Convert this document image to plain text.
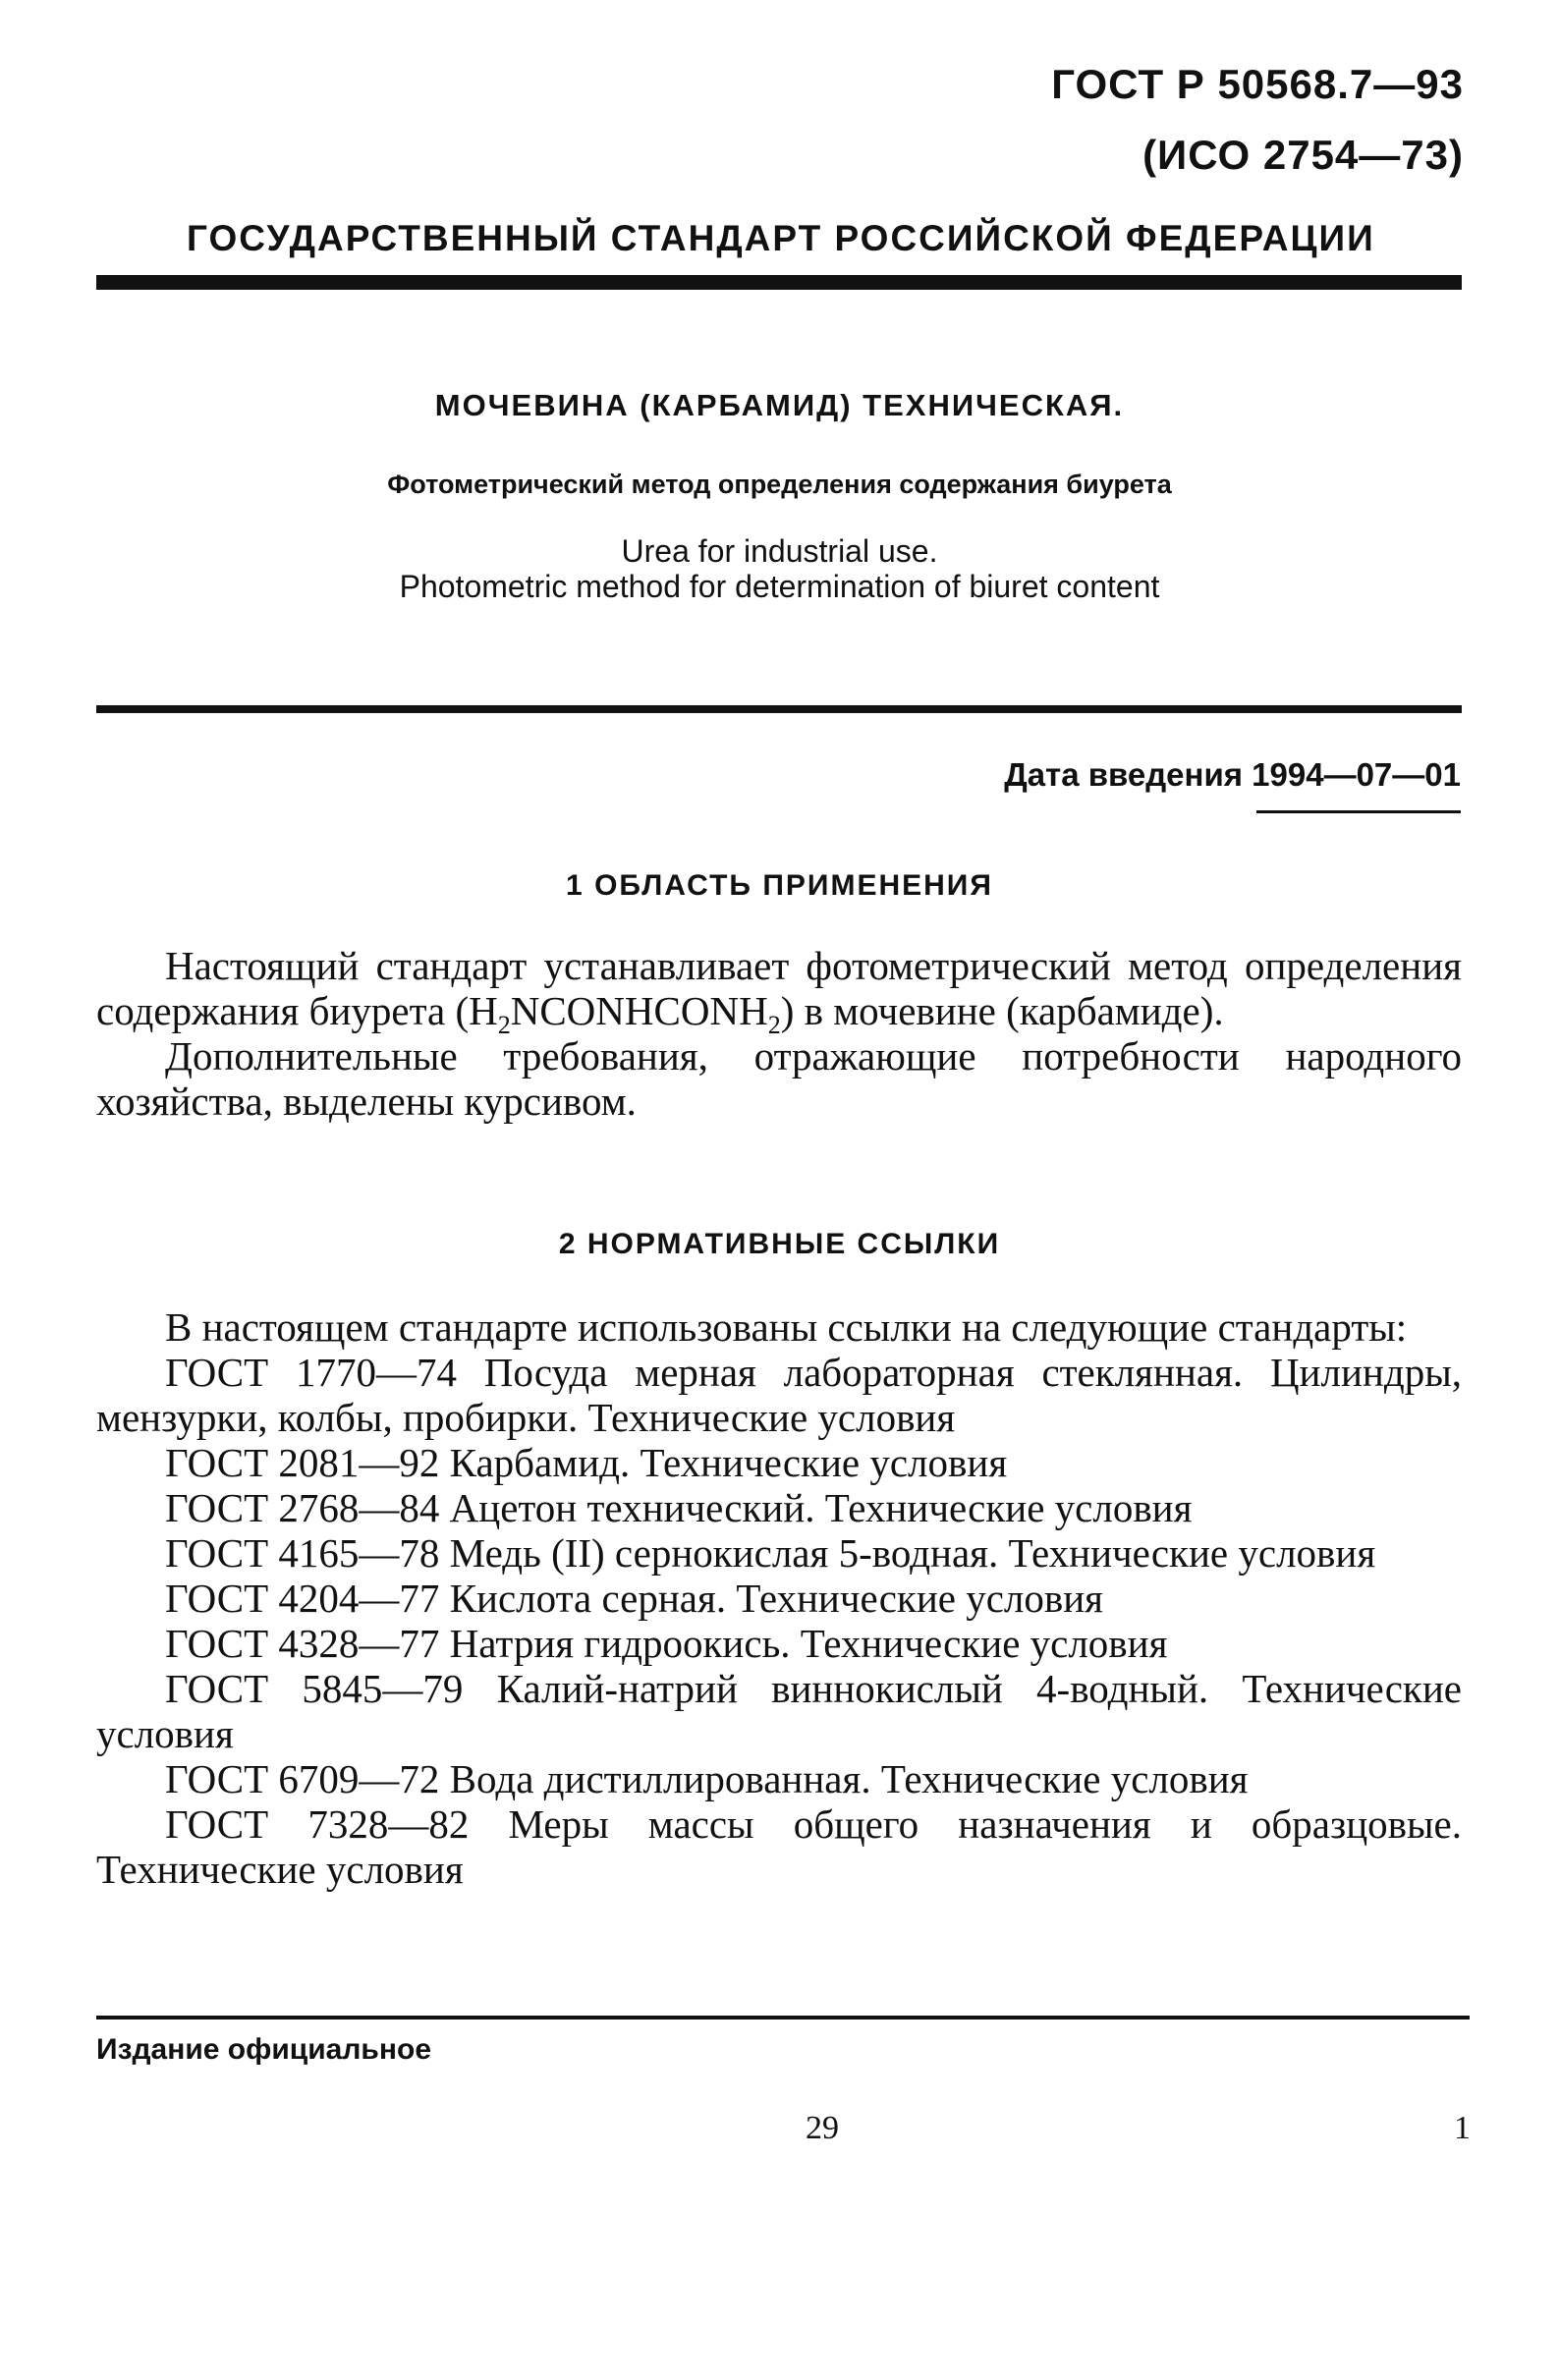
ГОСТ Р 50568.7—93
(ИСО 2754—73)
ГОСУДАРСТВЕННЫЙ СТАНДАРТ РОССИЙСКОЙ ФЕДЕРАЦИИ
МОЧЕВИНА (КАРБАМИД) ТЕХНИЧЕСКАЯ.
Фотометрический метод определения содержания биурета
Urea for industrial use.
Photometric method for determination of biuret content
Дата введения 1994—07—01
1 ОБЛАСТЬ ПРИМЕНЕНИЯ

Настоящий стандарт устанавливает фотометрический метод определения содержания биурета $(H_2NCONHCONH_2)$ в мочевине (карбамиде).

Дополнительные требования, отражающие потребности народного хозяйства, выделены курсивом.

2 НОРМАТИВНЫЕ ССЫЛКИ

В настоящем стандарте использованы ссылки на следующие стандарты:

ГОСТ 1770—74 Посуда мерная лабораторная стеклянная. Цилиндры, мензурки, колбы, пробирки. Технические условия

ГОСТ 2081—92 Карбамид. Технические условия

ГОСТ 2768—84 Ацетон технический. Технические условия

ГОСТ 4165—78 Медь (II) сернокислая 5-водная. Технические условия

ГОСТ 4204—77 Кислота серная. Технические условия

ГОСТ 4328—77 Натрия гидроокись. Технические условия

ГОСТ 5845—79 Калий-натрий виннокислый 4-водный. Технические условия

ГОСТ 6709—72 Вода дистиллированная. Технические условия

ГОСТ 7328—82 Меры массы общего назначения и образцовые. Технические условия

Издание официальное
29	1
